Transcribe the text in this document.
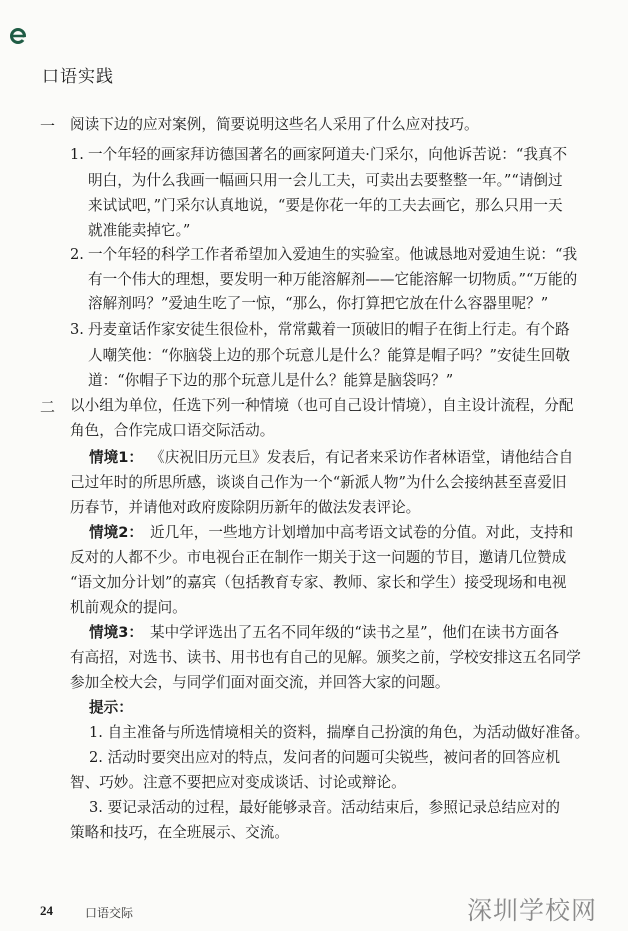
口语实践
一 阅读下边的应对案例，简要说明这些名人采用了什么应对技巧。
1. 一个年轻的画家拜访德国著名的画家阿道夫·门采尔，向他诉苦说：“我真不
明白，为什么我画一幅画只用一会儿工夫，可卖出去要整整一年。”“请倒过
来试试吧，”门采尔认真地说，“要是你花一年的工夫去画它，那么只用一天
就准能卖掉它。”
2. 一个年轻的科学工作者希望加入爱迪生的实验室。他诚恳地对爱迪生说：“我
有一个伟大的理想，要发明一种万能溶解剂——它能溶解一切物质。”“万能的
溶解剂吗？”爱迪生吃了一惊，“那么，你打算把它放在什么容器里呢？”
3. 丹麦童话作家安徒生很俭朴，常常戴着一顶破旧的帽子在街上行走。有个路
人嘲笑他：“你脑袋上边的那个玩意儿是什么？能算是帽子吗？”安徒生回敬
道：“你帽子下边的那个玩意儿是什么？能算是脑袋吗？”
二 以小组为单位，任选下列一种情境（也可自己设计情境），自主设计流程，分配
角色，合作完成口语交际活动。
情境1： 《庆祝旧历元旦》发表后，有记者来采访作者林语堂，请他结合自
己过年时的所思所感，谈谈自己作为一个“新派人物”为什么会接纳甚至喜爱旧
历春节，并请他对政府废除阴历新年的做法发表评论。
情境2： 近几年，一些地方计划增加中高考语文试卷的分值。对此，支持和
反对的人都不少。市电视台正在制作一期关于这一问题的节目，邀请几位赞成
“语文加分计划”的嘉宾（包括教育专家、教师、家长和学生）接受现场和电视
机前观众的提问。
情境3： 某中学评选出了五名不同年级的“读书之星”，他们在读书方面各
有高招，对选书、读书、用书也有自己的见解。颁奖之前，学校安排这五名同学
参加全校大会，与同学们面对面交流，并回答大家的问题。
提示：
1. 自主准备与所选情境相关的资料，揣摩自己扮演的角色，为活动做好准备。
2. 活动时要突出应对的特点，发问者的问题可尖锐些，被问者的回答应机
智、巧妙。注意不要把应对变成谈话、讨论或辩论。
3. 要记录活动的过程，最好能够录音。活动结束后，参照记录总结应对的
策略和技巧，在全班展示、交流。
24	口语交际	深圳学校网
